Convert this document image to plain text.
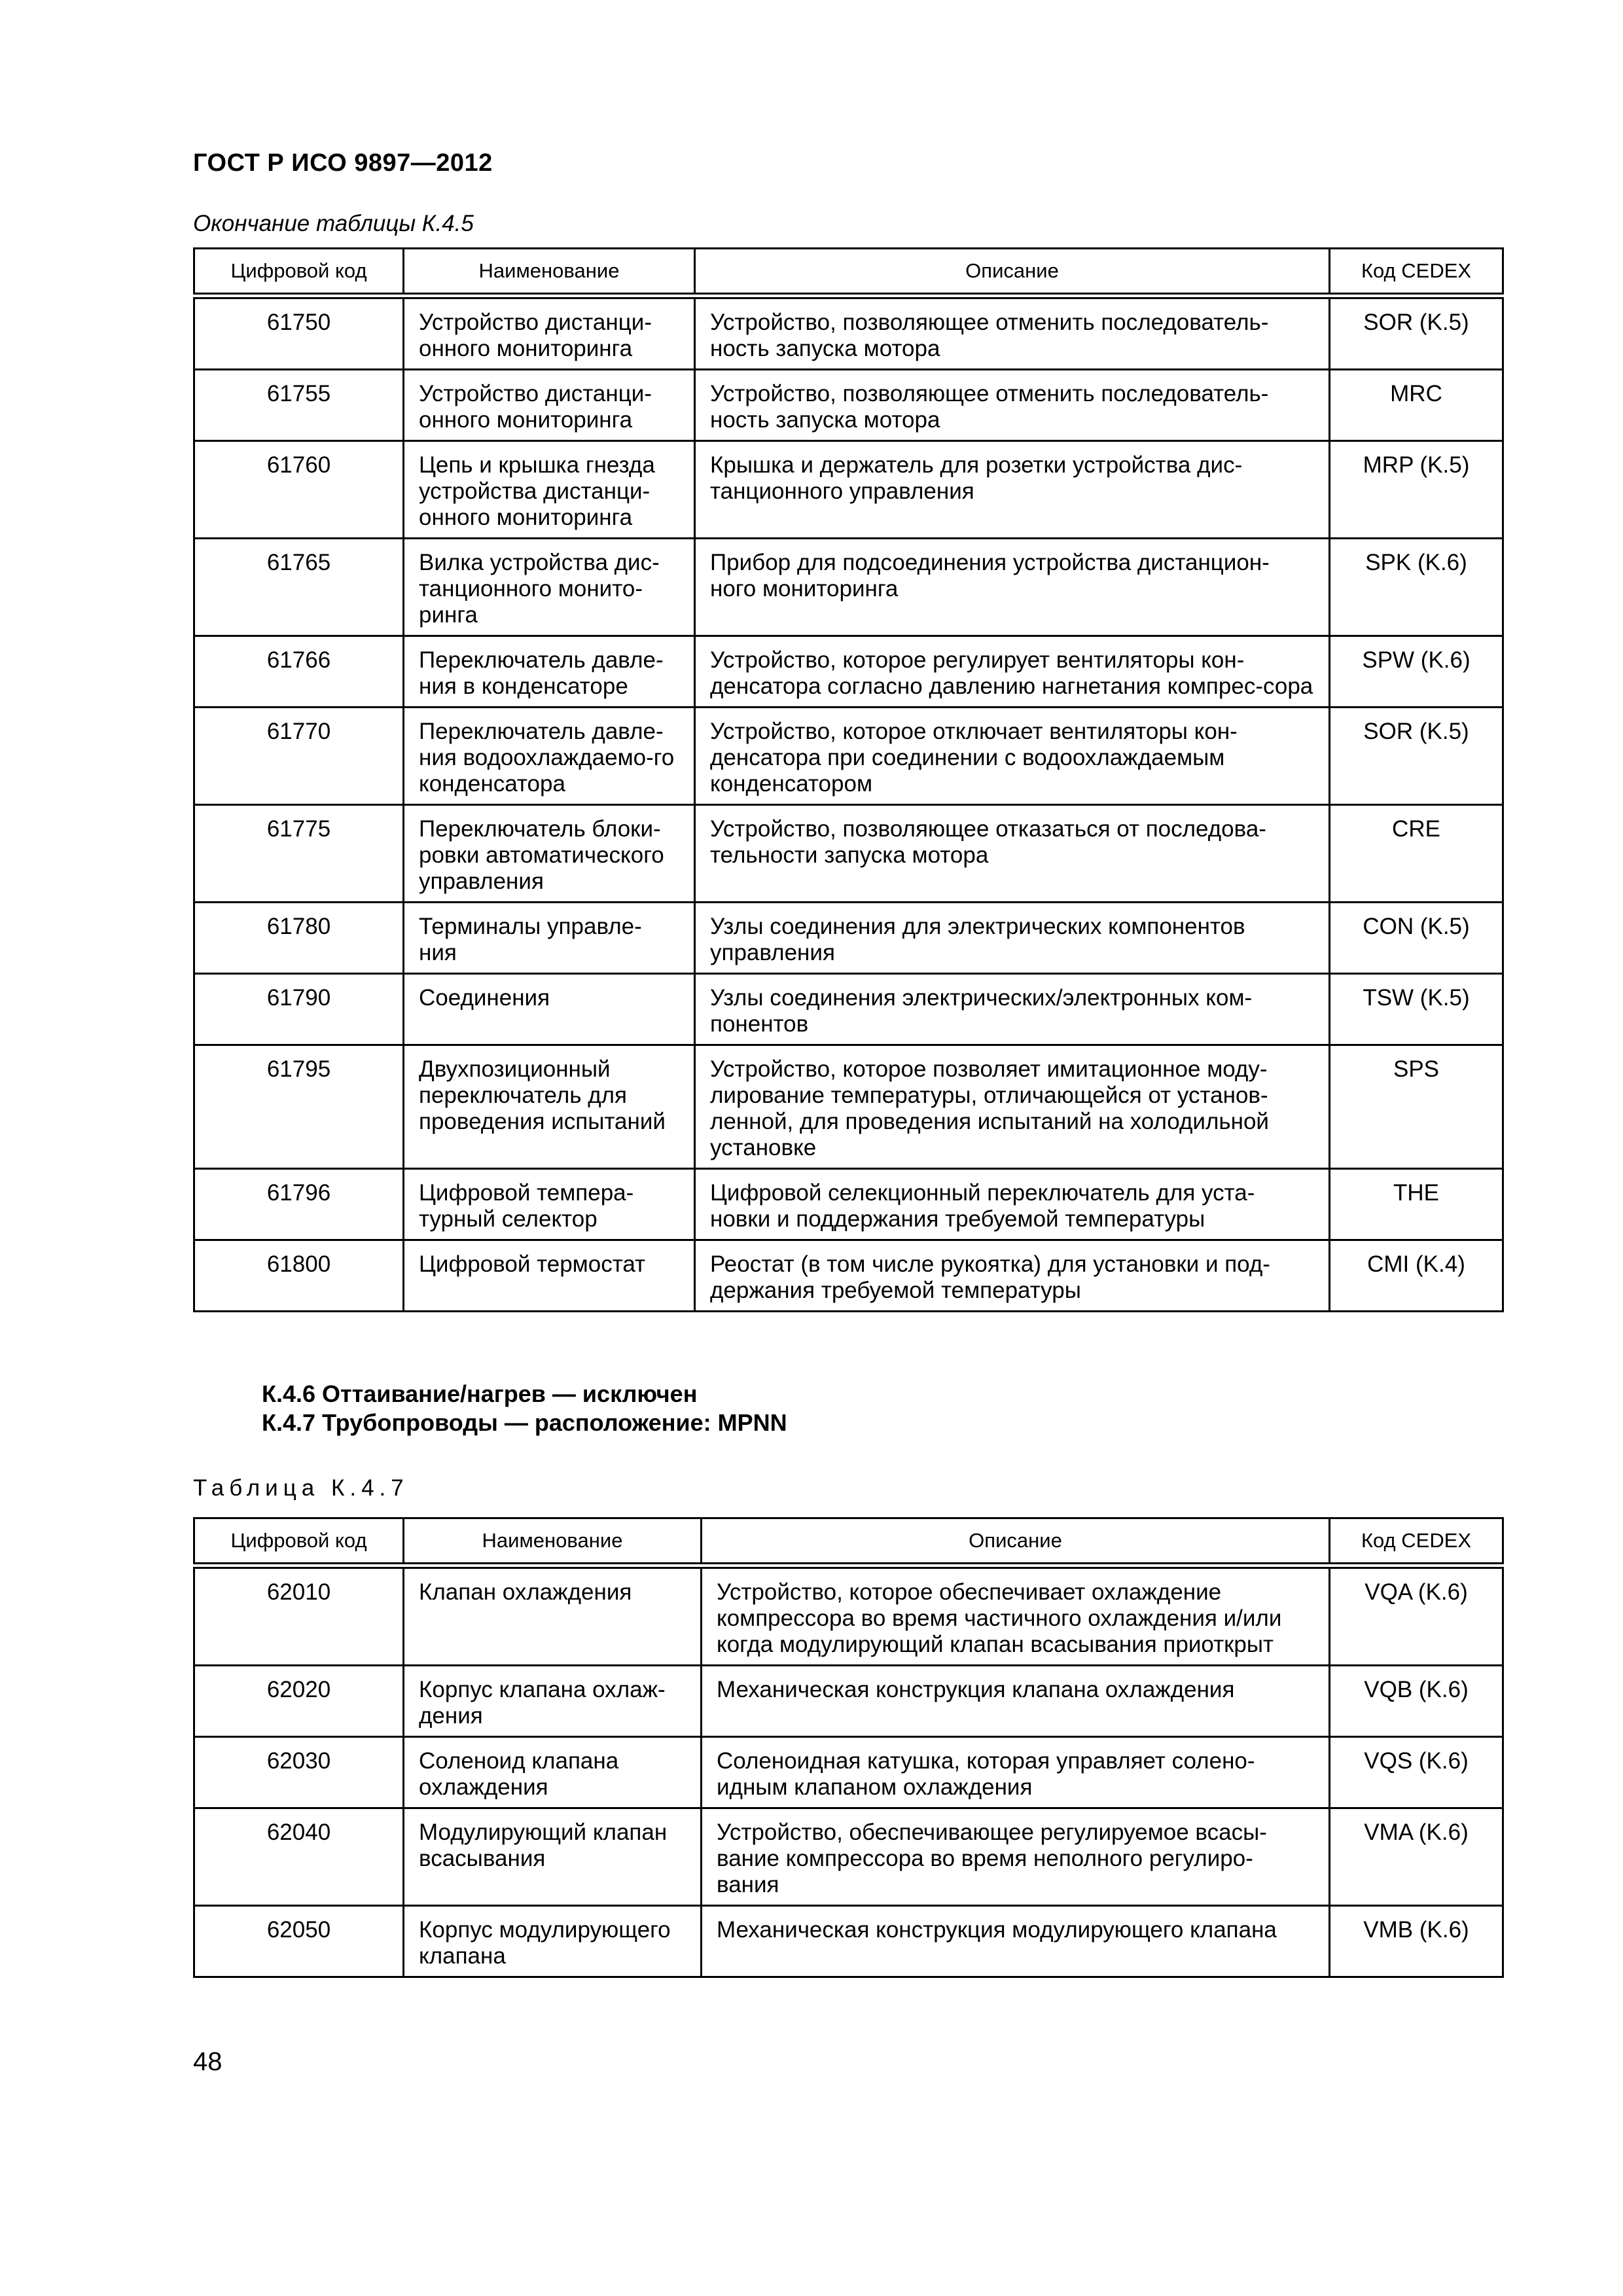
ГОСТ Р ИСО 9897—2012
Окончание таблицы К.4.5
Цифровой код	Наименование	Описание	Код CEDEX
61750	Устройство дистанци-онного мониторинга	Устройство, позволяющее отменить последователь-ность запуска мотора	SOR (K.5)
61755	Устройство дистанци-онного мониторинга	Устройство, позволяющее отменить последователь-ность запуска мотора	MRC
61760	Цепь и крышка гнезда устройства дистанци-онного мониторинга	Крышка и держатель для розетки устройства дис-танционного управления	MRP (K.5)
61765	Вилка устройства дис-танционного монито-ринга	Прибор для подсоединения устройства дистанцион-ного мониторинга	SPK (K.6)
61766	Переключатель давле-ния в конденсаторе	Устройство, которое регулирует вентиляторы кон-денсатора согласно давлению нагнетания компрес-сора	SPW (K.6)
61770	Переключатель давле-ния водоохлаждаемо-го конденсатора	Устройство, которое отключает вентиляторы кон-денсатора при соединении с водоохлаждаемым конденсатором	SOR (K.5)
61775	Переключатель блоки-ровки автоматического управления	Устройство, позволяющее отказаться от последова-тельности запуска мотора	CRE
61780	Терминалы управле-ния	Узлы соединения для электрических компонентов управления	CON (K.5)
61790	Соединения	Узлы соединения электрических/электронных ком-понентов	TSW (K.5)
61795	Двухпозиционный переключатель для проведения испытаний	Устройство, которое позволяет имитационное моду-лирование температуры, отличающейся от установ-ленной, для проведения испытаний на холодильной установке	SPS
61796	Цифровой темпера-турный селектор	Цифровой селекционный переключатель для уста-новки и поддержания требуемой температуры	THE
61800	Цифровой термостат	Реостат (в том числе рукоятка) для установки и под-держания требуемой температуры	CMI (K.4)
К.4.6 Оттаивание/нагрев — исключен
К.4.7 Трубопроводы — расположение: MPNN
Таблица К.4.7
Цифровой код	Наименование	Описание	Код CEDEX
62010	Клапан охлаждения	Устройство, которое обеспечивает охлаждение компрессора во время частичного охлаждения и/или когда модулирующий клапан всасывания приоткрыт	VQA (K.6)
62020	Корпус клапана охлаж-дения	Механическая конструкция клапана охлаждения	VQB (K.6)
62030	Соленоид клапана охлаждения	Соленоидная катушка, которая управляет солено-идным клапаном охлаждения	VQS (K.6)
62040	Модулирующий клапан всасывания	Устройство, обеспечивающее регулируемое всасы-вание компрессора во время неполного регулиро-вания	VMA (K.6)
62050	Корпус модулирующего клапана	Механическая конструкция модулирующего клапана	VMB (K.6)
48
